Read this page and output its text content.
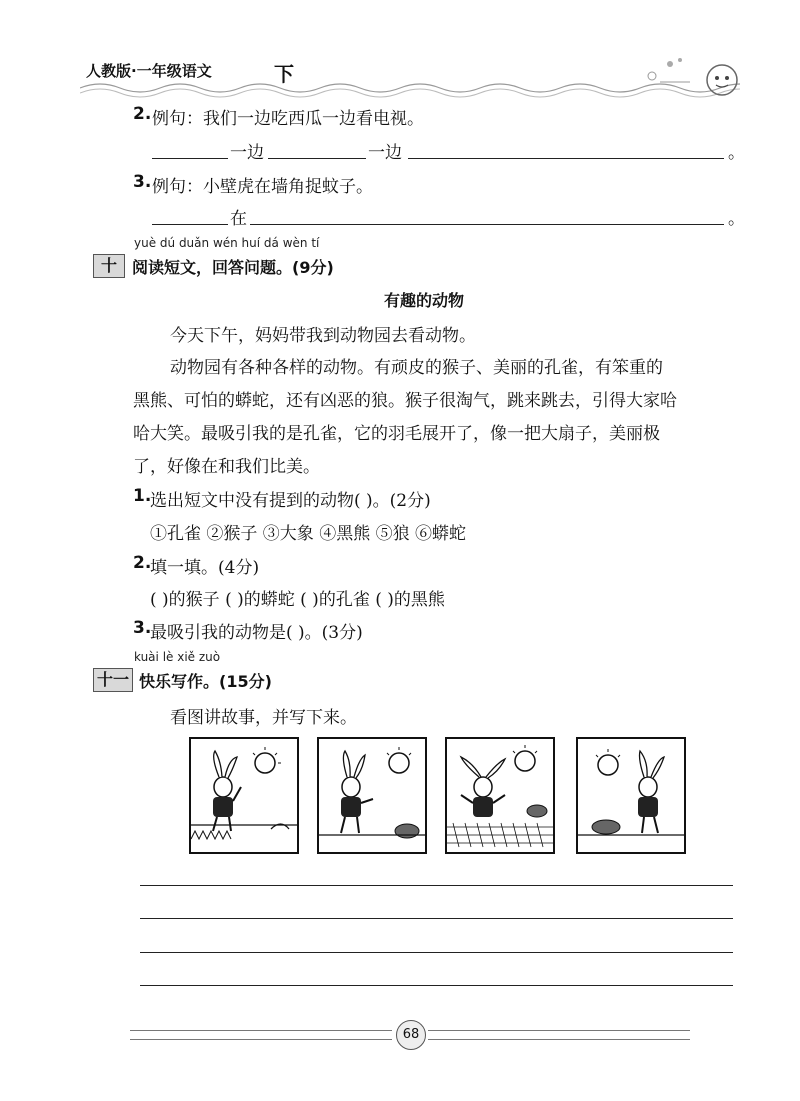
人教版·一年级语文	下
2. 例句：我们一边吃西瓜一边看电视。
一边	一边	。
3. 例句：小壁虎在墙角捉蚊子。
在	。
yuè dú duǎn wén huí dá wèn tí
十 阅读短文，回答问题。(9分)
有趣的动物
今天下午，妈妈带我到动物园去看动物。
动物园有各种各样的动物。有顽皮的猴子、美丽的孔雀，有笨重的
黑熊、可怕的蟒蛇，还有凶恶的狼。猴子很淘气，跳来跳去，引得大家哈
哈大笑。最吸引我的是孔雀，它的羽毛展开了，像一把大扇子，美丽极
了，好像在和我们比美。
1.
选出短文中没有提到的动物( )。(2分)
①孔雀 ②猴子 ③大象 ④黑熊 ⑤狼 ⑥蟒蛇
2.
填一填。(4分)
( )的猴子 ( )的蟒蛇 ( )的孔雀 ( )的黑熊
3.
最吸引我的动物是( )。(3分)
kuài lè xiě zuò
十一 快乐写作。(15分)
看图讲故事，并写下来。
68
